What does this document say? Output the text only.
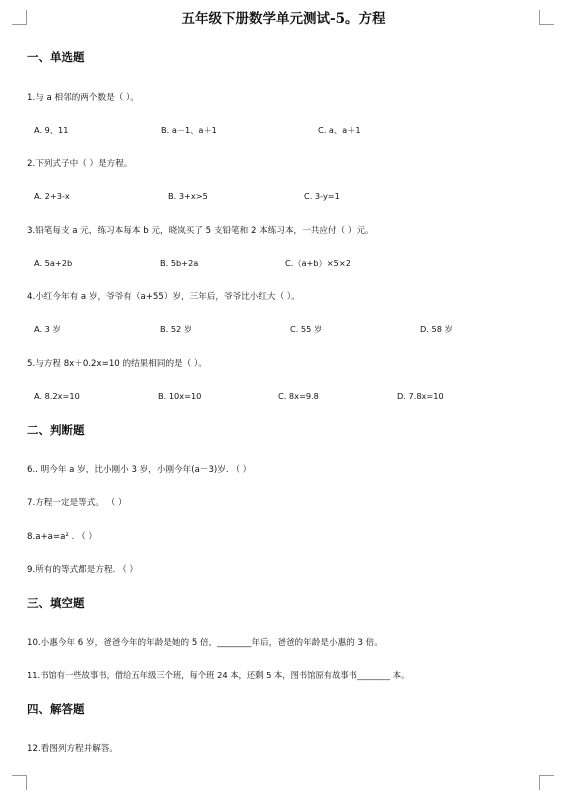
五年级下册数学单元测试-5。方程
一、单选题
1.与 a 相邻的两个数是（ ）。
A. 9、11	B. a－1、a＋1	C. a、a＋1
2.下列式子中（ ）是方程。
A. 2+3-x	B. 3+x>5	C. 3-y=1
3.铅笔每支 a 元，练习本每本 b 元，晓岚买了 5 支铅笔和 2 本练习本，一共应付（ ）元。
A. 5a+2b	B. 5b+2a	C.（a+b）×5×2
4.小红今年有 a 岁，爷爷有（a+55）岁，三年后，爷爷比小红大（ ）。
A. 3 岁	B. 52 岁	C. 55 岁	D. 58 岁
5.与方程 8x＋0.2x=10 的结果相同的是（ ）。
A. 8.2x=10	B. 10x=10	C. 8x=9.8	D. 7.8x=10
二、判断题
6.. 明今年 a 岁，比小刚小 3 岁，小刚今年(a－3)岁. （ ）
7.方程一定是等式。 （ ）
8.a+a=a² . （ ）
9.所有的等式都是方程. （ ）
三、填空题
10.小惠今年 6 岁，爸爸今年的年龄是她的 5 倍，________年后，爸爸的年龄是小惠的 3 倍。
11.书馆有一些故事书，借给五年级三个班，每个班 24 本，还剩 5 本，图书馆原有故事书________ 本。
四、解答题
12.看图列方程并解答。
